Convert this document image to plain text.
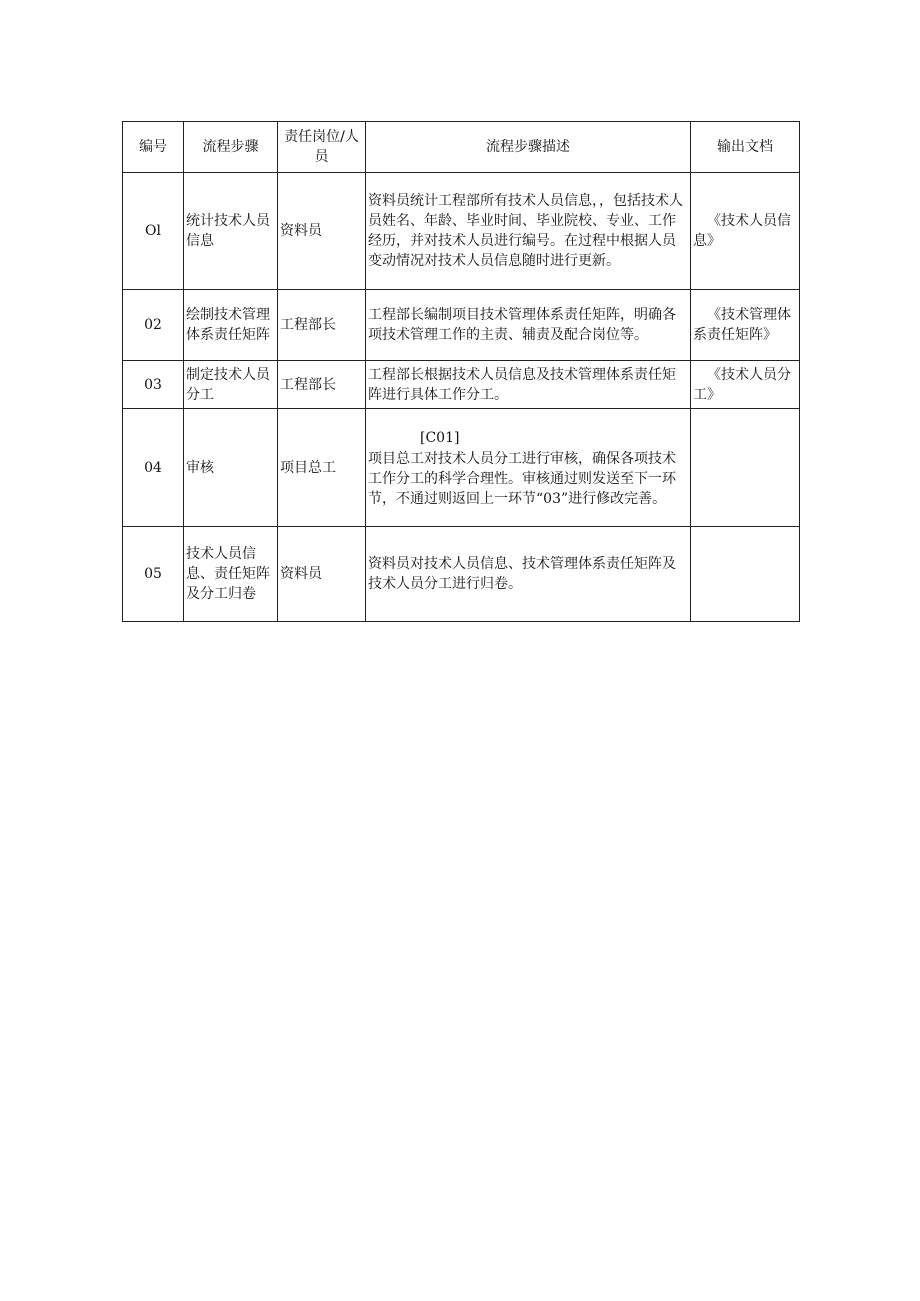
编号	流程步骤	责任岗位/人员	流程步骤描述	输出文档
Ol	统计技术人员信息	资料员	资料员统计工程部所有技术人员信息，，包括技术人员姓名、年龄、毕业时间、毕业院校、专业、工作经历，并对技术人员进行编号。在过程中根据人员变动情况对技术人员信息随时进行更新。	《技术人员信息》

02	绘制技术管理体系责任矩阵	工程部长	工程部长编制项目技术管理体系责任矩阵，明确各项技术管理工作的主责、辅责及配合岗位等。	《技术管理体系责任矩阵》

03	制定技术人员分工	工程部长	工程部长根据技术人员信息及技术管理体系责任矩阵进行具体工作分工。	《技术人员分工》

04	审核	项目总工	[C01]
项目总工对技术人员分工进行审核，确保各项技术工作分工的科学合理性。审核通过则发送至下一环节，不通过则返回上一环节“03”进行修改完善。	

05	技术人员信息、责任矩阵及分工归卷	资料员	资料员对技术人员信息、技术管理体系责任矩阵及技术人员分工进行归卷。	
